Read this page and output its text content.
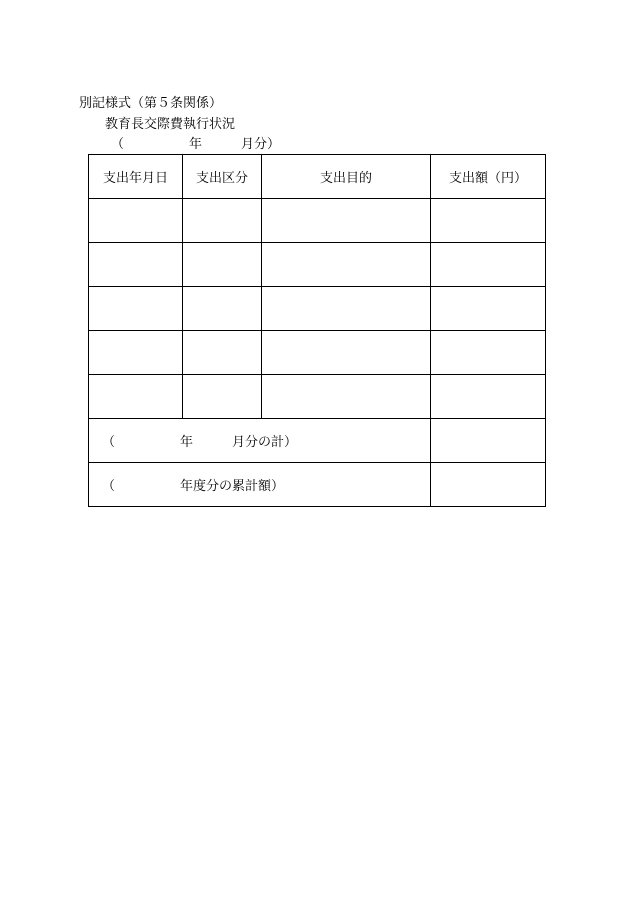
別記様式（第５条関係）
教育長交際費執行状況
（　　　　　年　　　月分）
支出年月日	支出区分	支出目的	支出額（円）

（　　　　　年　　　月分の計）			
（　　　　　年度分の累計額）			
